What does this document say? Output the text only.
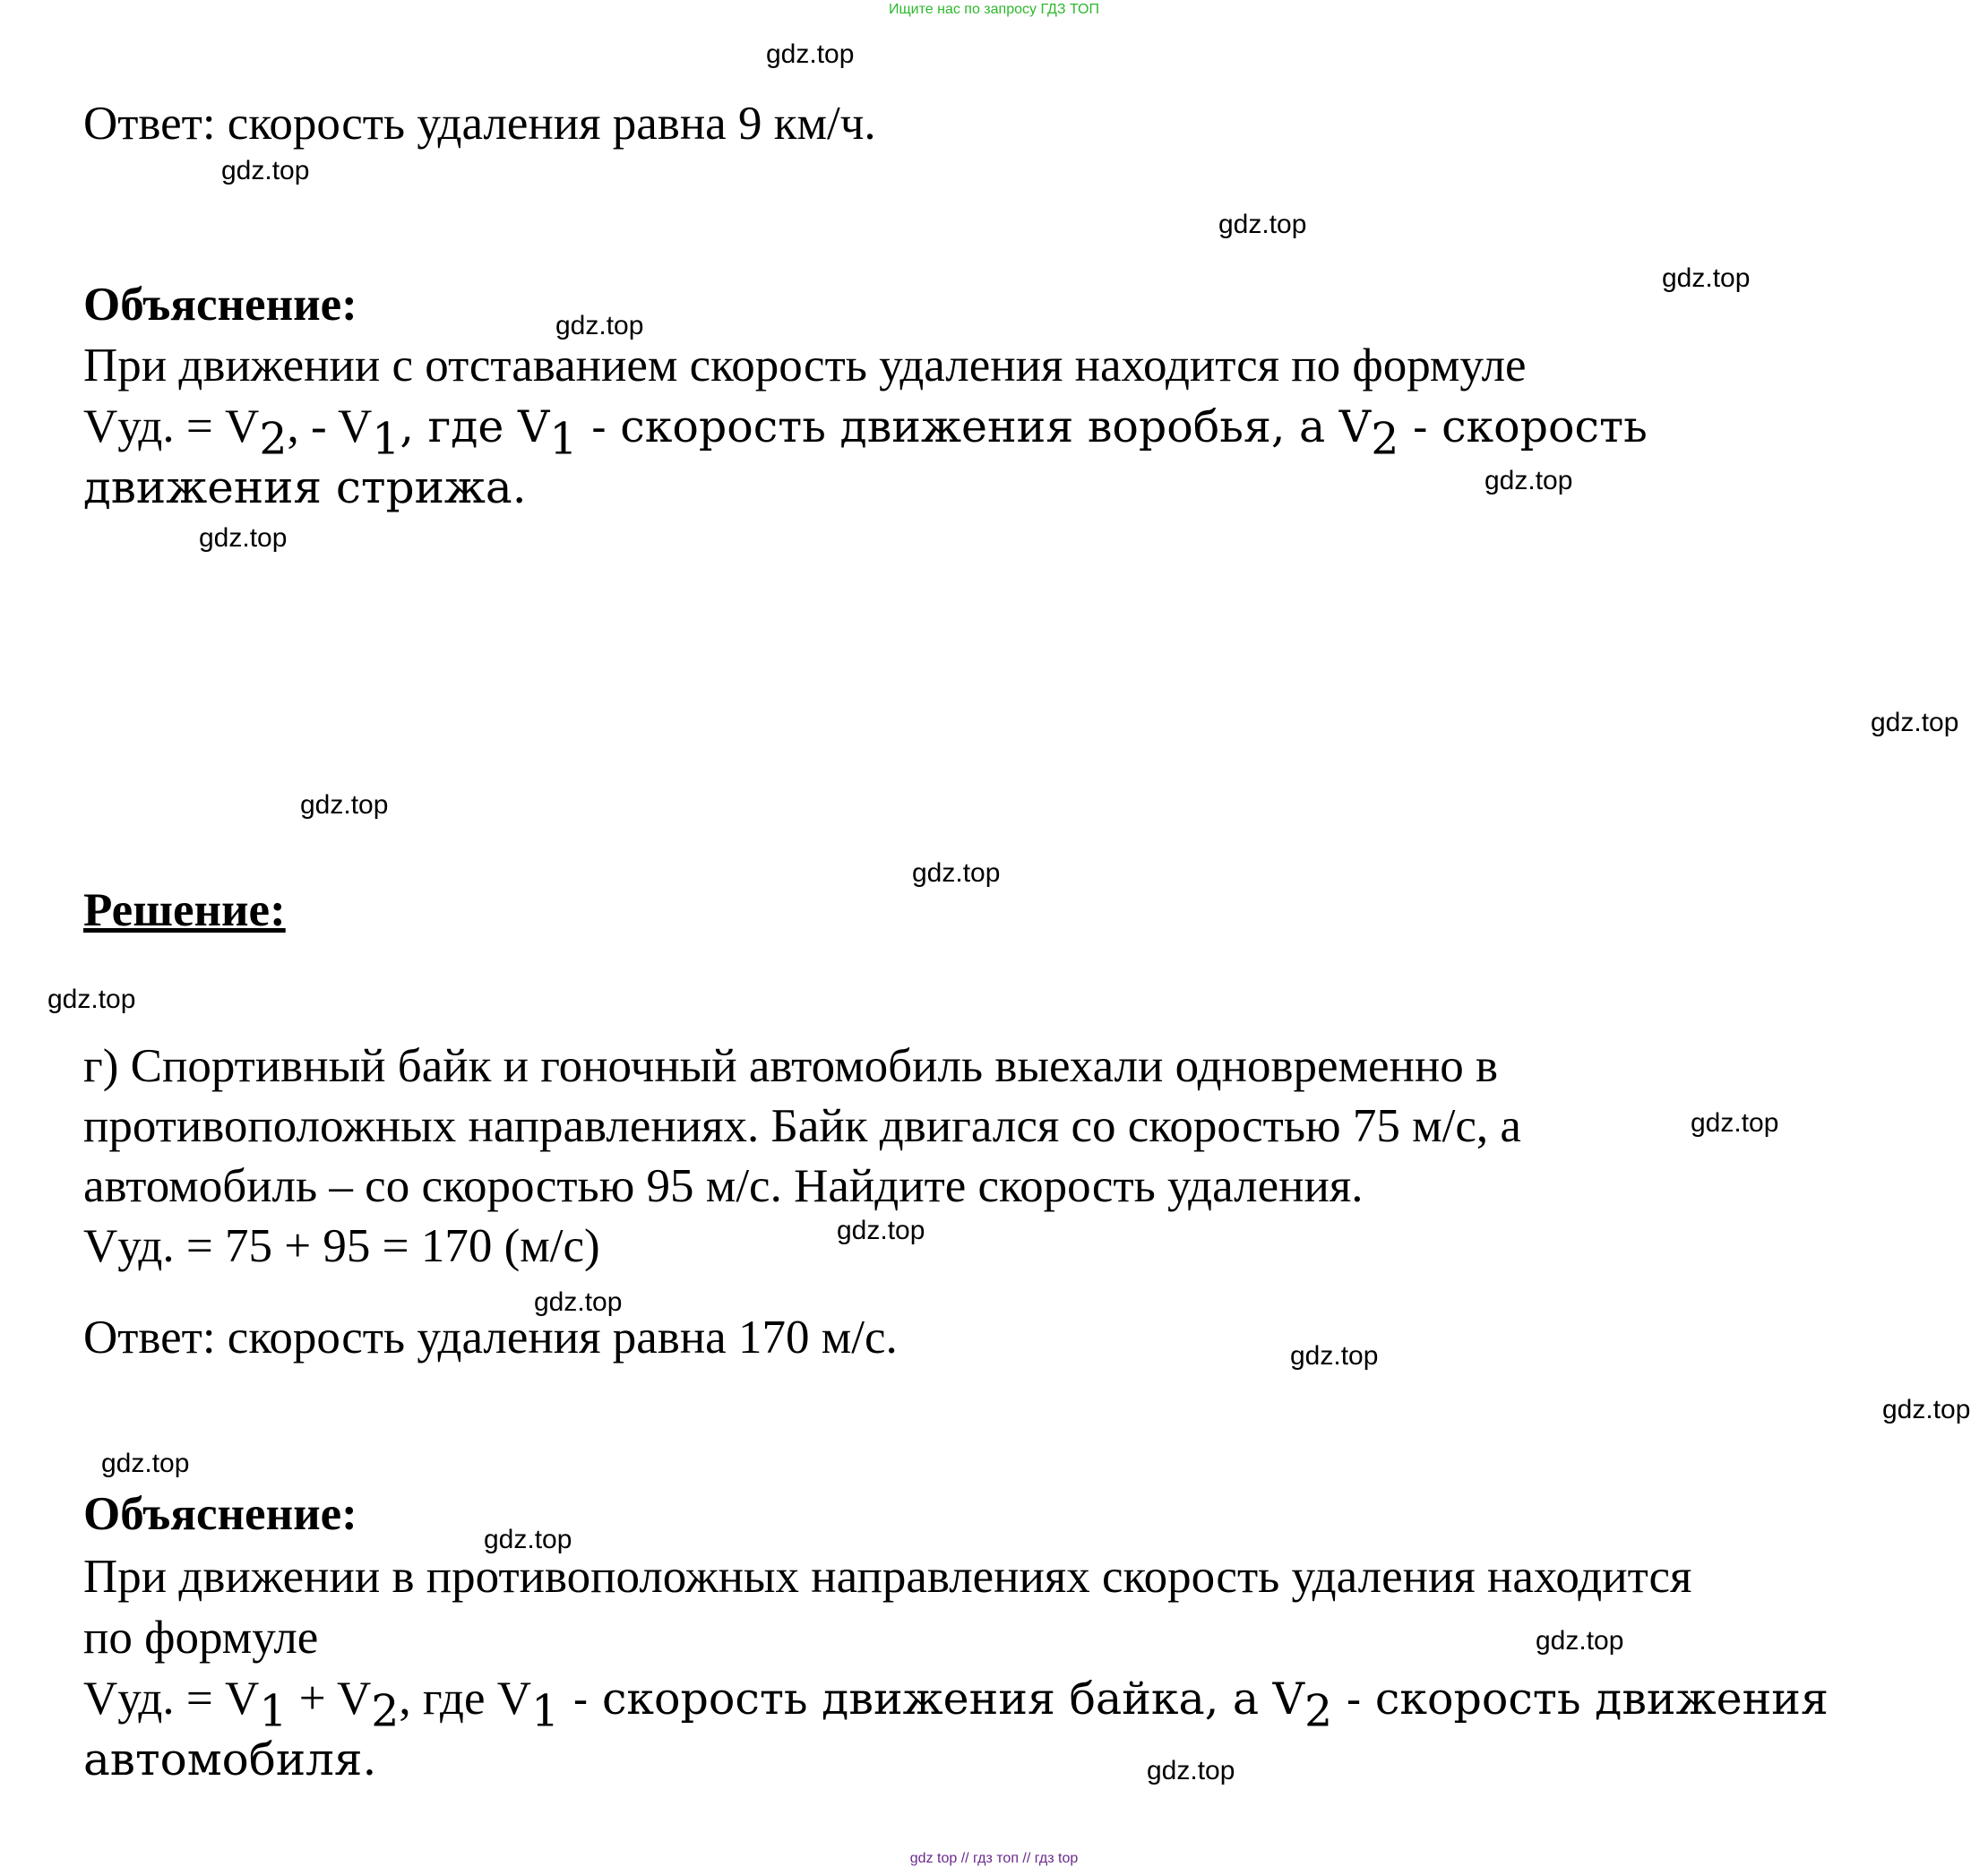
Ищите нас по запросу ГДЗ ТОП
gdz.top
gdz.top
gdz.top
gdz.top
gdz.top
gdz.top
gdz.top
gdz.top
gdz.top
gdz.top
gdz.top
gdz.top
gdz.top
gdz.top
gdz.top
gdz.top
gdz.top
gdz.top
gdz.top
gdz.top
Ответ: скорость удаления равна 9 км/ч.
Объяснение:
При движении с отставанием скорость удаления находится по формуле
Vуд. = $V_2$, - $V_1$, где $V_1$ - скорость движения воробья, а $V_2$ - скорость
движения стрижа.
Решение:
г) Спортивный байк и гоночный автомобиль выехали одновременно в
противоположных направлениях. Байк двигался со скоростью 75 м/с, а
автомобиль – со скоростью 95 м/с. Найдите скорость удаления.
Vуд. = 75 + 95 = 170 (м/с)
Ответ: скорость удаления равна 170 м/с.
Объяснение:
При движении в противоположных направлениях скорость удаления находится
по формуле
Vуд. = $V_1 + V_2$, где $V_1$ - скорость движения байка, а $V_2$ - скорость движения
автомобиля.
gdz top // гдз топ // гдз top
